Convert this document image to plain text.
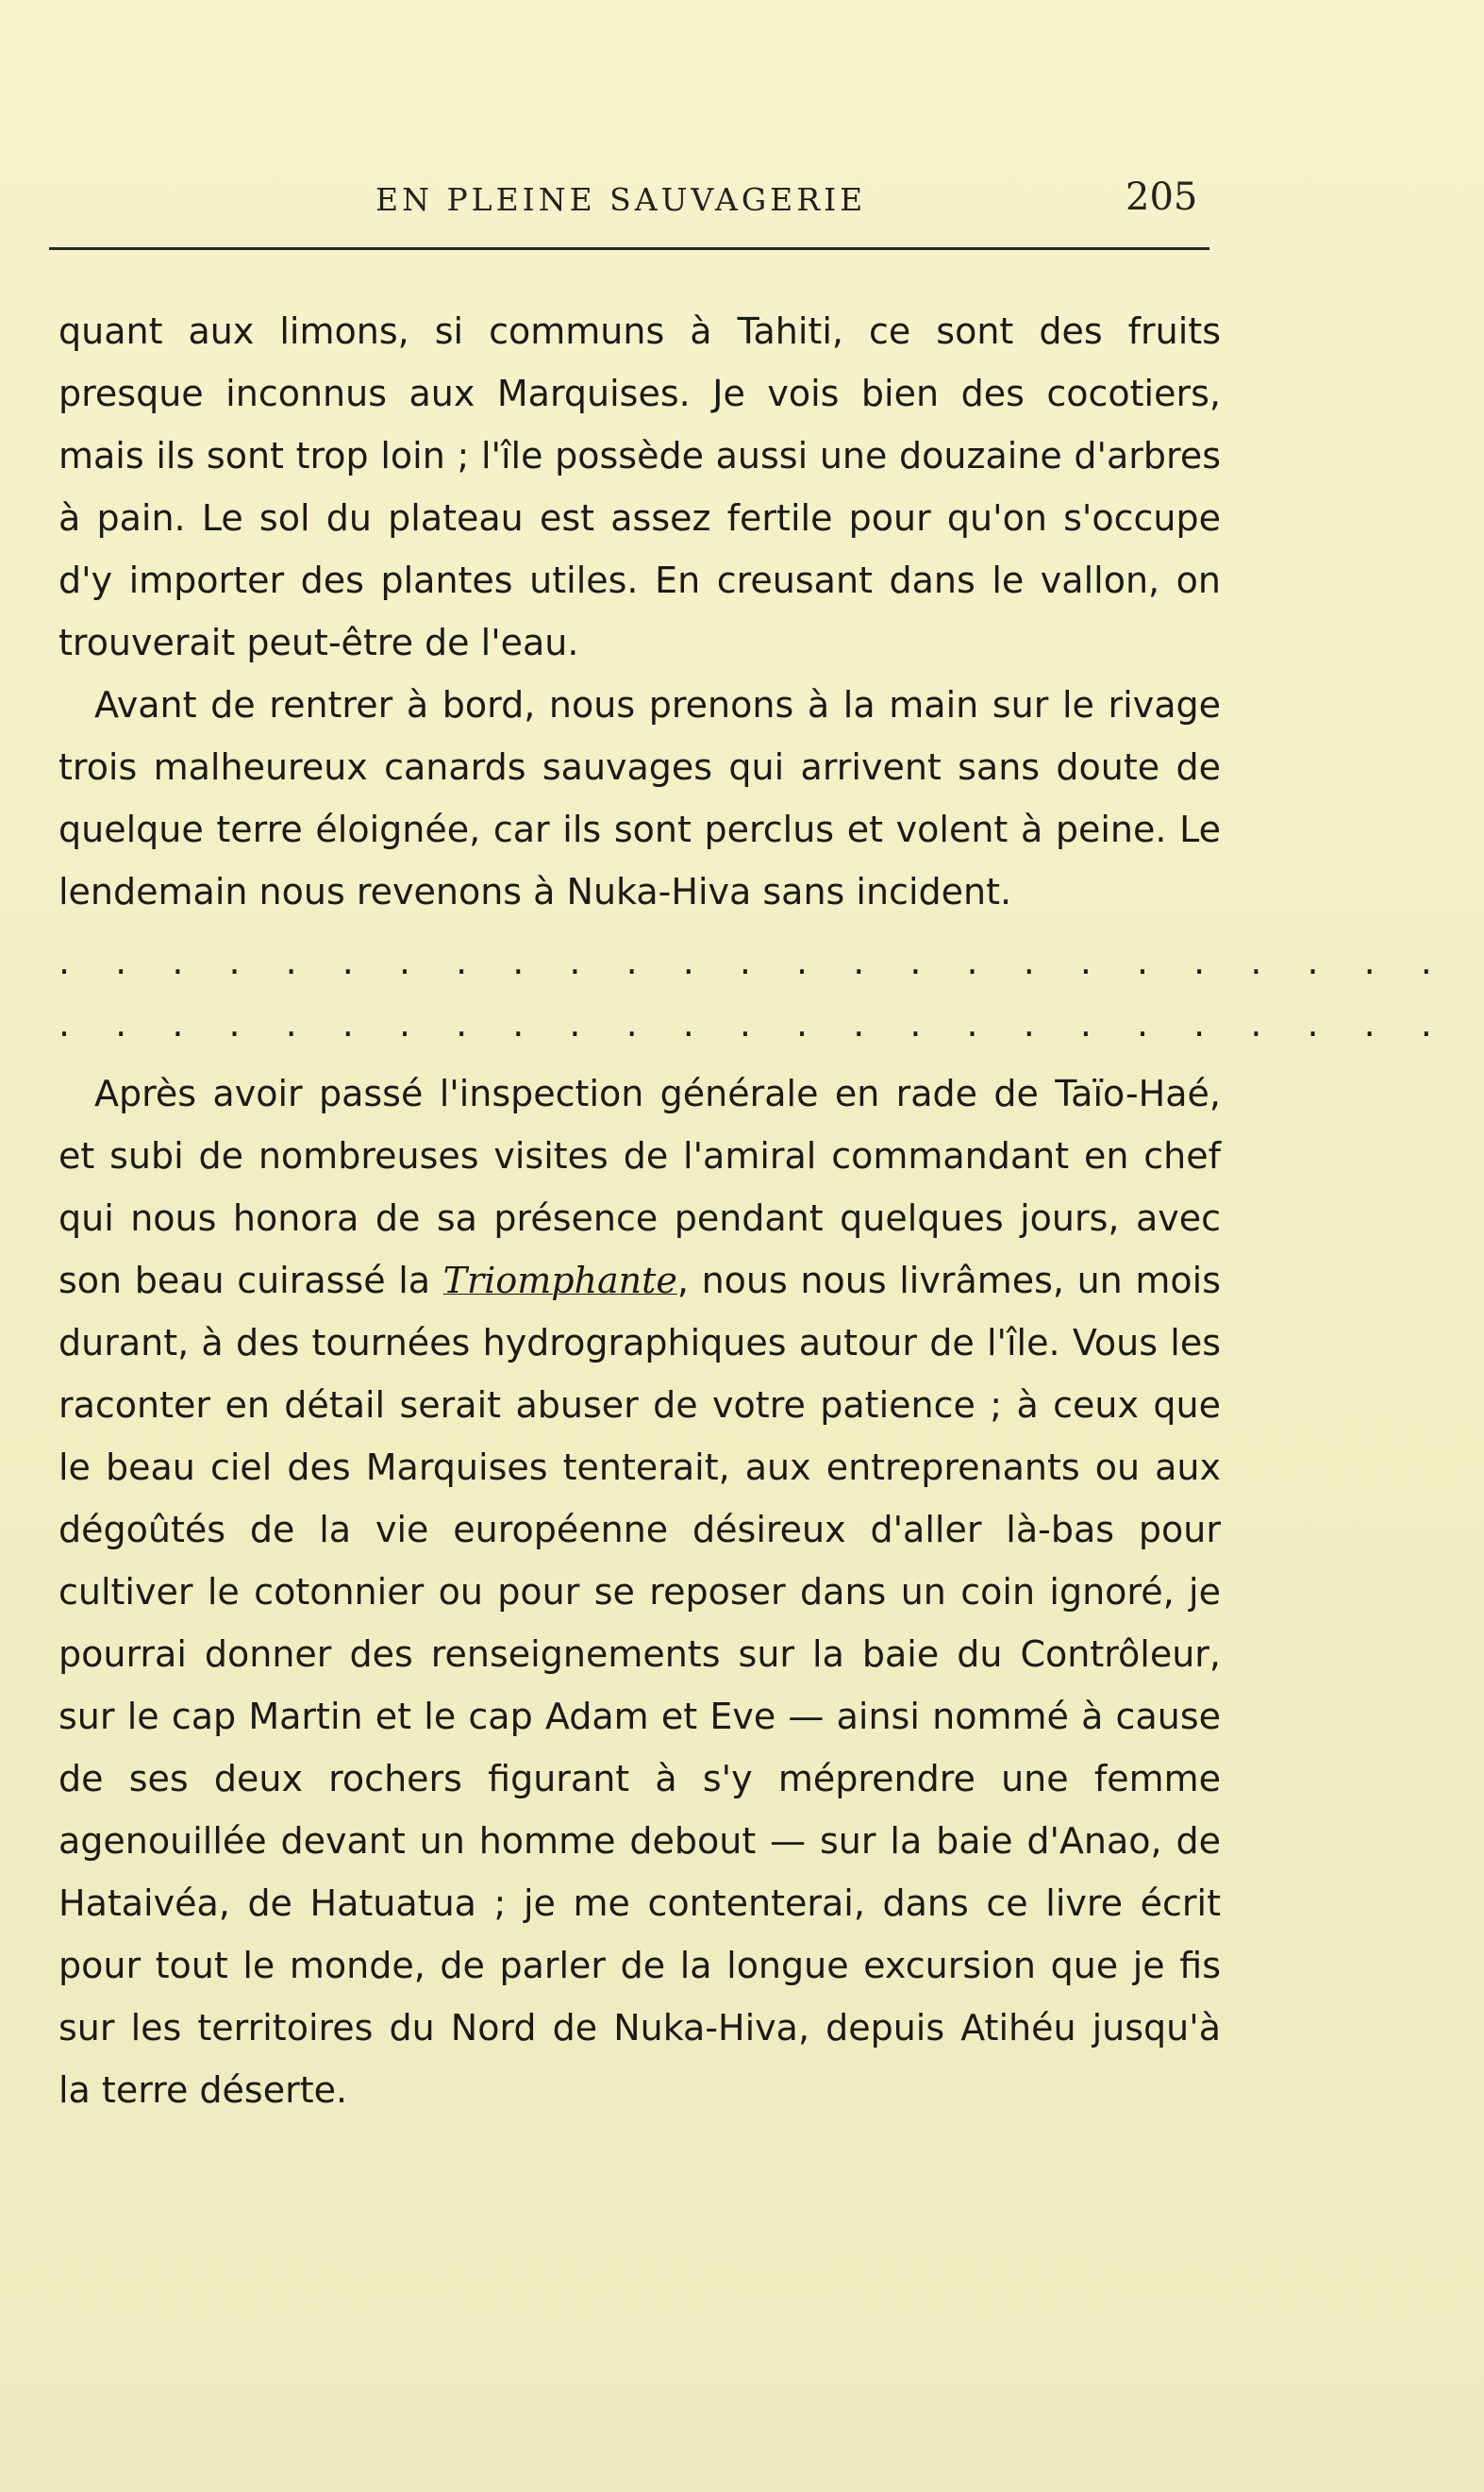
EN PLEINE SAUVAGERIE	205

quant aux limons, si communs à Tahiti, ce sont des fruits presque inconnus aux Marquises. Je vois bien des cocotiers, mais ils sont trop loin ; l'île possède aussi une douzaine d'arbres à pain. Le sol du plateau est assez fertile pour qu'on s'occupe d'y importer des plantes utiles. En creusant dans le vallon, on trouverait peut-être de l'eau.

Avant de rentrer à bord, nous prenons à la main sur le rivage trois malheureux canards sauvages qui arrivent sans doute de quelque terre éloignée, car ils sont perclus et volent à peine. Le lendemain nous revenons à Nuka-Hiva sans incident.

. . . . . . . . . . . . . . . . . . . . . . . . .
. . . . . . . . . . . . . . . . . . . . . . . . .

Après avoir passé l'inspection générale en rade de Taïo-Haé, et subi de nombreuses visites de l'amiral commandant en chef qui nous honora de sa présence pendant quelques jours, avec son beau cuirassé la Triomphante, nous nous livrâmes, un mois durant, à des tournées hydrographiques autour de l'île. Vous les raconter en détail serait abuser de votre patience ; à ceux que le beau ciel des Marquises tenterait, aux entreprenants ou aux dégoûtés de la vie européenne désireux d'aller là-bas pour cultiver le cotonnier ou pour se reposer dans un coin ignoré, je pourrai donner des renseignements sur la baie du Contrôleur, sur le cap Martin et le cap Adam et Eve — ainsi nommé à cause de ses deux rochers figurant à s'y méprendre une femme agenouillée devant un homme debout — sur la baie d'Anao, de Hataivéa, de Hatuatua ; je me contenterai, dans ce livre écrit pour tout le monde, de parler de la longue excursion que je fis sur les territoires du Nord de Nuka-Hiva, depuis Atihéu jusqu'à la terre déserte.
